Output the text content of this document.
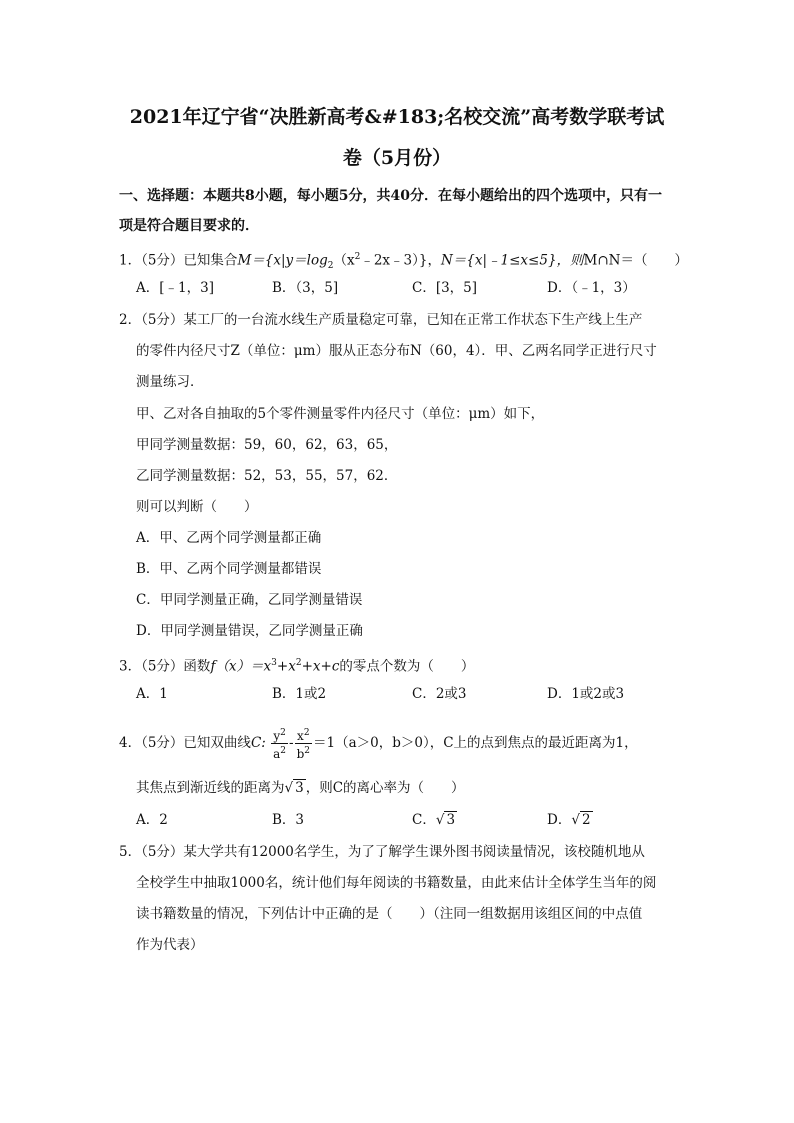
2021年辽宁省“决胜新高考&#183;名校交流”高考数学联考试
卷（5月份）
一、选择题：本题共8小题，每小题5分，共40分．在每小题给出的四个选项中，只有一
项是符合题目要求的．
1．（5分）已知集合$M=\{x|y=\log_2(x^2﹣2x﹣3)\}$，N＝{x|﹣1≤x≤5}，则M∩N＝（　　）
A．[﹣1，3]	B．（3，5]	C．[3，5]	D．（﹣1，3）
2．（5分）某工厂的一台流水线生产质量稳定可靠，已知在正常工作状态下生产线上生产
的零件内径尺寸Z（单位：μm）服从正态分布N（60，4）．甲、乙两名同学正进行尺寸
测量练习．
甲、乙对各自抽取的5个零件测量零件内径尺寸（单位：μm）如下，
甲同学测量数据：59，60，62，63，65，
乙同学测量数据：52，53，55，57，62．
则可以判断（　　）
A．甲、乙两个同学测量都正确
B．甲、乙两个同学测量都错误
C．甲同学测量正确，乙同学测量错误
D．甲同学测量错误，乙同学测量正确
3．（5分）函数$f(x)=x^3+x^2+x+c$的零点个数为（　　）
A．1	B．1或2	C．2或3	D．1或2或3
4．（5分）已知双曲线C: $\frac{y^2}{a^2} - \frac{x^2}{b^2} =1(a>0$，b＞0），C上的点到焦点的最近距离为1，
其焦点到渐近线的距离为√ 3 ，则C的离心率为（　　）
A．2	B．3	C．√ 3	D．√ 2
5．（5分）某大学共有12000名学生，为了了解学生课外图书阅读量情况，该校随机地从
全校学生中抽取1000名，统计他们每年阅读的书籍数量，由此来估计全体学生当年的阅
读书籍数量的情况，下列估计中正确的是（　　）（注同一组数据用该组区间的中点值
作为代表）
